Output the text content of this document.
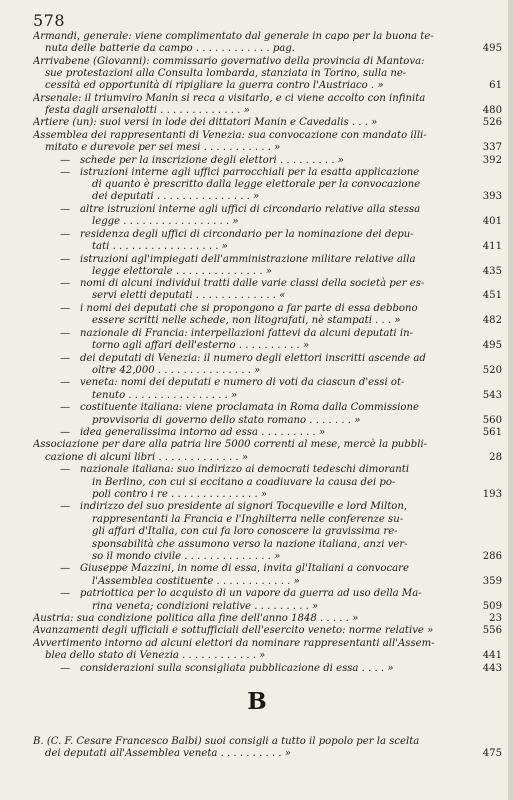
578
Armandi, generale: viene complimentato dal generale in capo per la buona te-
nuta delle batterie da campo . . . . . . . . . . . . pag.	495
Arrivabene (Giovanni): commissario governativo della provincia di Mantova:
sue protestazioni alla Consulta lombarda, stanziata in Torino, sulla ne-
cessità ed opportunità di ripigliare la guerra contro l'Austriaco . »	61
Arsenale: il triumviro Manin si reca a visitarlo, e ci viene accolto con infinita
festa dagli arsenalotti . . . . . . . . . . . . . »	480
Artiere (un): suoi versi in lode dei dittatori Manin e Cavedalis . . . »	526
Assemblea dei rappresentanti di Venezia: sua convocazione con mandato illi-
mitato e durevole per sei mesi . . . . . . . . . . . »	337
— schede per la inscrizione degli elettori . . . . . . . . . »	392
— istruzioni interne agli uffici parrocchiali per la esatta applicazione
di quanto è prescritto dalla legge elettorale per la convocazione
dei deputati . . . . . . . . . . . . . . . »	393
— altre istruzioni interne agli uffici di circondario relative alla stessa
legge . . . . . . . . . . . . . . . . . »	401
— residenza degli uffici di circondario per la nominazione dei depu-
tati . . . . . . . . . . . . . . . . . »	411
— istruzioni agl'impiegati dell'amministrazione militare relative alla
legge elettorale . . . . . . . . . . . . . . »	435
— nomi di alcuni individui tratti dalle varie classi della società per es-
servi eletti deputati . . . . . . . . . . . . . «	451
— i nomi dei deputati che si propongono a far parte di essa debbono
essere scritti nelle schede, non litografati, nè stampati . . . »	482
— nazionale di Francia: interpellazioni fattevi da alcuni deputati in-
torno agli affari dell'esterno . . . . . . . . . . »	495
— dei deputati di Venezia: il numero degli elettori inscritti ascende ad
oltre 42,000 . . . . . . . . . . . . . . . »	520
— veneta: nomi dei deputati e numero di voti da ciascun d'essi ot-
tenuto . . . . . . . . . . . . . . . . »	543
— costituente italiana: viene proclamata in Roma dalla Commissione
provvisoria di governo dello stato romano . . . . . . . »	560
— idea generalissima intorno ad essa . . . . . . . . . »	561
Associazione per dare alla patria lire 5000 correnti al mese, mercè la pubbli-
cazione di alcuni libri . . . . . . . . . . . . . »	28
— nazionale italiana: suo indirizzo ai democrati tedeschi dimoranti
in Berlino, con cui si eccitano a coadiuvare la causa dei po-
poli contro i re . . . . . . . . . . . . . . »	193
— indirizzo del suo presidente ai signori Tocqueville e lord Milton,
rappresentanti la Francia e l'Inghilterra nelle conferenze su-
gli affari d'Italia, con cui fa loro conoscere la gravissima re-
sponsabilità che assumono verso la nazione italiana, anzi ver-
so il mondo civile . . . . . . . . . . . . . . »	286
— Giuseppe Mazzini, in nome di essa, invita gl'Italiani a convocare
l'Assemblea costituente . . . . . . . . . . . . »	359
— patriottica per lo acquisto di un vapore da guerra ad uso della Ma-
rina veneta; condizioni relative . . . . . . . . . »	509
Austria: sua condizione politica alla fine dell'anno 1848 . . . . . »	23
Avanzamenti degli ufficiali e sottufficiali dell'esercito veneto: norme relative »	556
Avvertimento intorno ad alcuni elettori da nominare rappresentanti all'Assem-
blea dello stato di Venezia . . . . . . . . . . . . »	441
— considerazioni sulla sconsigliata pubblicazione di essa . . . . »	443
B. (C. F. Cesare Francesco Balbi) suoi consigli a tutto il popolo per la scelta
dei deputati all'Assemblea veneta . . . . . . . . . . »	475
B
